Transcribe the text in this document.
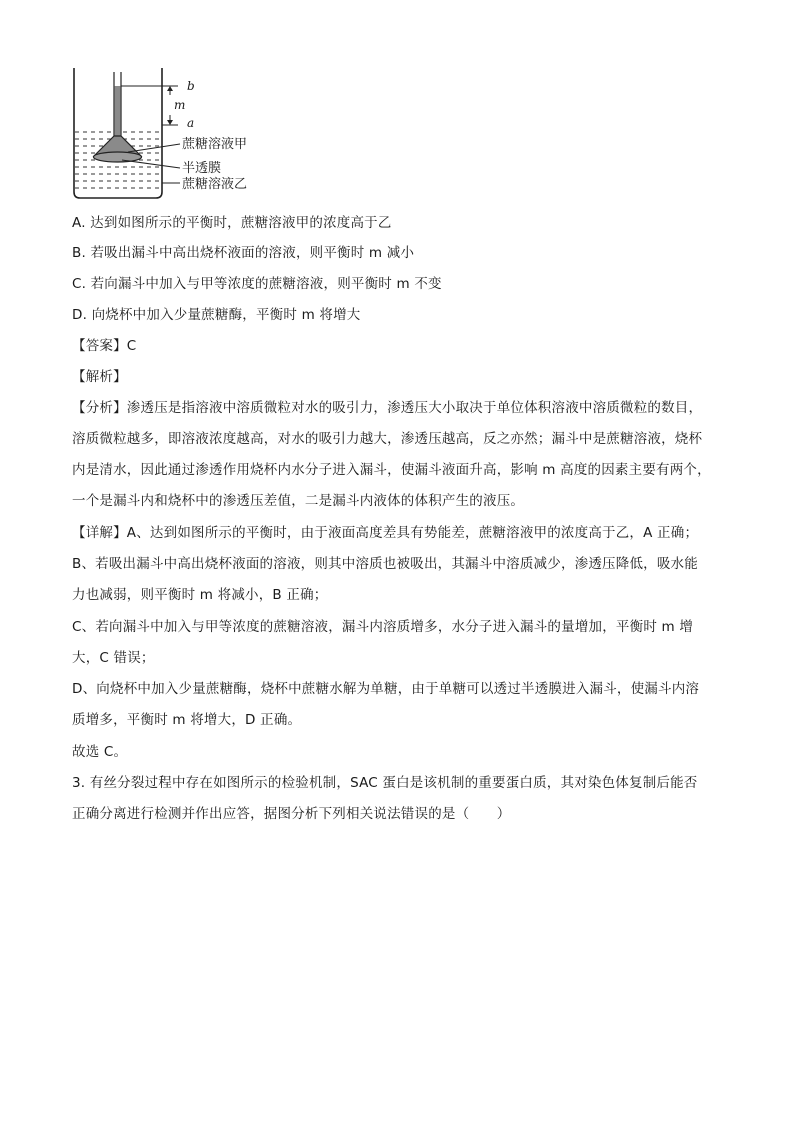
b
m
a
蔗糖溶液甲
半透膜
蔗糖溶液乙
A. 达到如图所示的平衡时，蔗糖溶液甲的浓度高于乙
B. 若吸出漏斗中高出烧杯液面的溶液，则平衡时 m 减小
C. 若向漏斗中加入与甲等浓度的蔗糖溶液，则平衡时 m 不变
D. 向烧杯中加入少量蔗糖酶，平衡时 m 将增大
【答案】C
【解析】
【分析】渗透压是指溶液中溶质微粒对水的吸引力，渗透压大小取决于单位体积溶液中溶质微粒的数目，
溶质微粒越多，即溶液浓度越高，对水的吸引力越大，渗透压越高，反之亦然；漏斗中是蔗糖溶液，烧杯
内是清水，因此通过渗透作用烧杯内水分子进入漏斗，使漏斗液面升高，影响 m 高度的因素主要有两个，
一个是漏斗内和烧杯中的渗透压差值，二是漏斗内液体的体积产生的液压。
【详解】A、达到如图所示的平衡时，由于液面高度差具有势能差，蔗糖溶液甲的浓度高于乙，A 正确；
B、若吸出漏斗中高出烧杯液面的溶液，则其中溶质也被吸出，其漏斗中溶质减少，渗透压降低，吸水能
力也减弱，则平衡时 m 将减小，B 正确；
C、若向漏斗中加入与甲等浓度的蔗糖溶液，漏斗内溶质增多，水分子进入漏斗的量增加，平衡时 m 增
大，C 错误；
D、向烧杯中加入少量蔗糖酶，烧杯中蔗糖水解为单糖，由于单糖可以透过半透膜进入漏斗，使漏斗内溶
质增多，平衡时 m 将增大，D 正确。
故选 C。
3. 有丝分裂过程中存在如图所示的检验机制，SAC 蛋白是该机制的重要蛋白质，其对染色体复制后能否
正确分离进行检测并作出应答，据图分析下列相关说法错误的是（　　）
